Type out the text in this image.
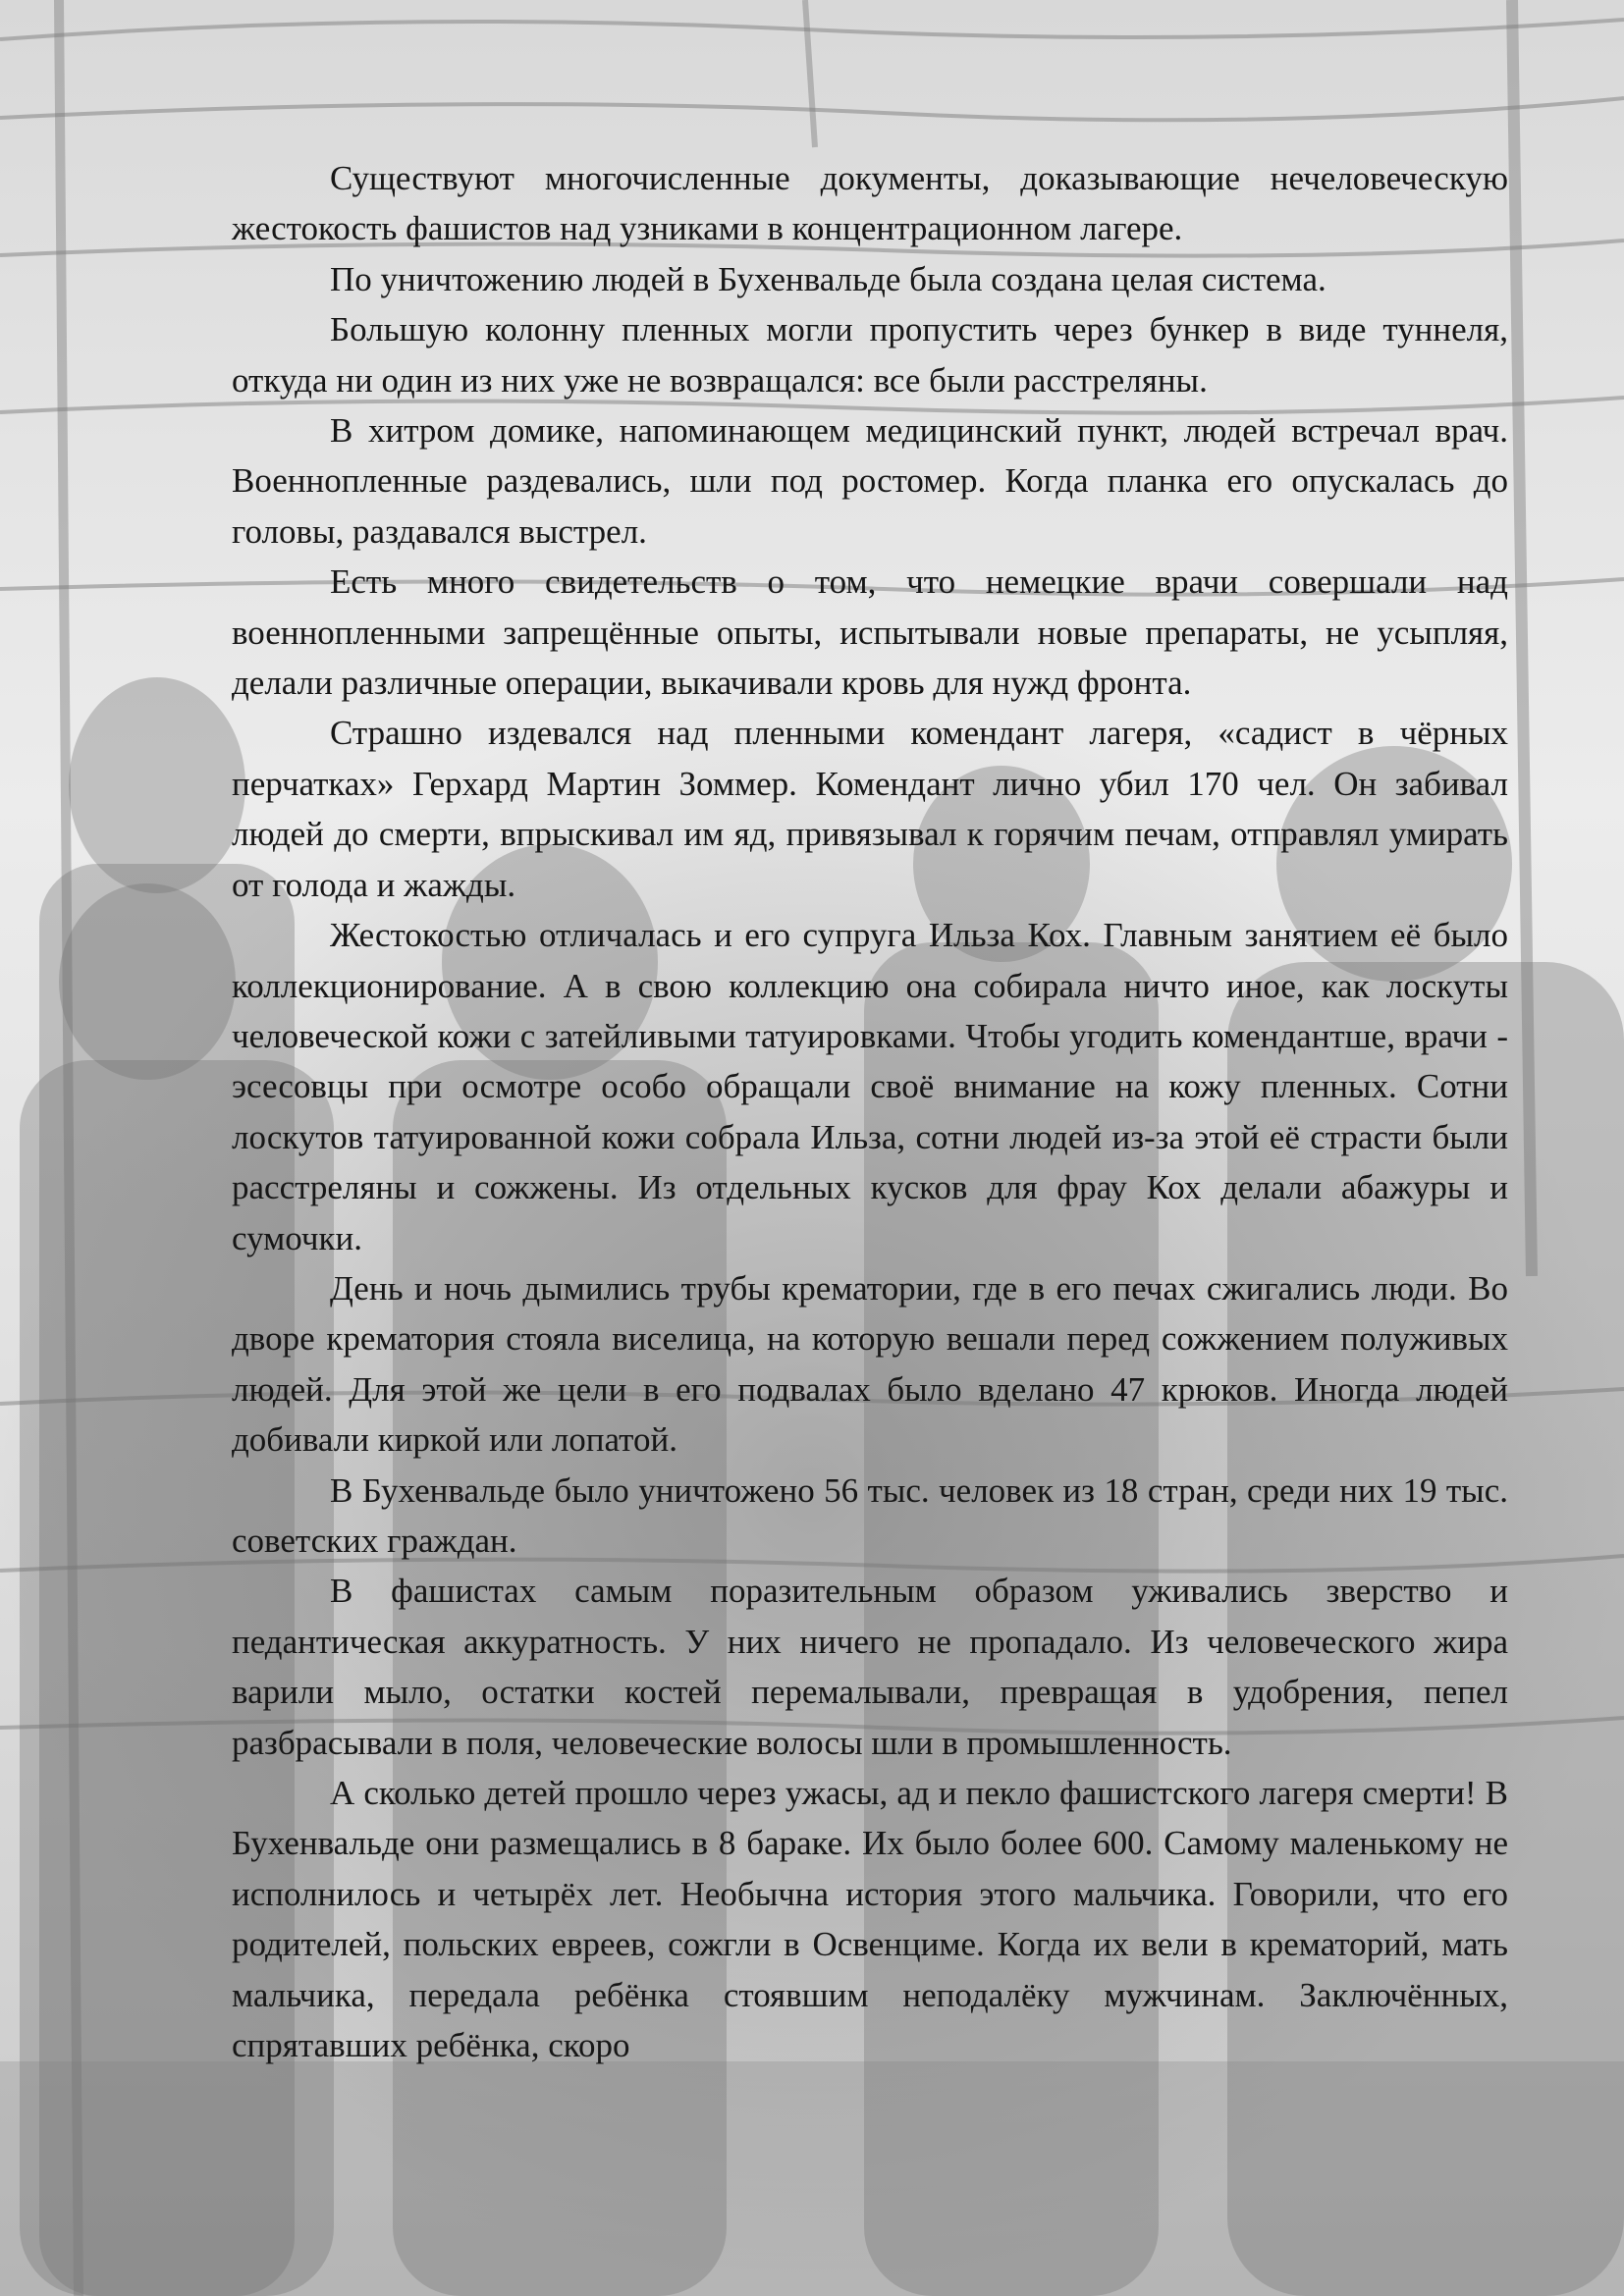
Существуют многочисленные документы, доказывающие нечеловеческую жестокость фашистов над узниками в концентрационном лагере.

По уничтожению людей в Бухенвальде была создана целая система.

Большую колонну пленных могли пропустить через бункер в виде туннеля, откуда ни один из них уже не возвращался: все были расстреляны.

В хитром домике, напоминающем медицинский пункт, людей встречал врач. Военнопленные раздевались, шли под ростомер. Когда планка его опускалась до головы, раздавался выстрел.

Есть много свидетельств о том, что немецкие врачи совершали над военнопленными запрещённые опыты, испытывали новые препараты, не усыпляя, делали различные операции, выкачивали кровь для нужд фронта.

Страшно издевался над пленными комендант лагеря, «садист в чёрных перчатках» Герхард Мартин Зоммер. Комендант лично убил 170 чел. Он забивал людей до смерти, впрыскивал им яд, привязывал к горячим печам, отправлял умирать от голода и жажды.

Жестокостью отличалась и его супруга Ильза Кох. Главным занятием её было коллекционирование. А в свою коллекцию она собирала ничто иное, как лоскуты человеческой кожи с затейливыми татуировками. Чтобы угодить комендантше, врачи - эсесовцы при осмотре особо обращали своё внимание на кожу пленных. Сотни лоскутов татуированной кожи собрала Ильза, сотни людей из-за этой её страсти были расстреляны и сожжены. Из отдельных кусков для фрау Кох делали абажуры и сумочки.

День и ночь дымились трубы крематории, где в его печах сжигались люди. Во дворе крематория стояла виселица, на которую вешали перед сожжением полуживых людей. Для этой же цели в его подвалах было вделано 47 крюков. Иногда людей добивали киркой или лопатой.

В Бухенвальде было уничтожено 56 тыс. человек из 18 стран, среди них 19 тыс. советских граждан.

В фашистах самым поразительным образом уживались зверство и педантическая аккуратность. У них ничего не пропадало. Из человеческого жира варили мыло, остатки костей перемалывали, превращая в удобрения, пепел разбрасывали в поля, человеческие волосы шли в промышленность.

А сколько детей прошло через ужасы, ад и пекло фашистского лагеря смерти! В Бухенвальде они размещались в 8 бараке. Их было более 600. Самому маленькому не исполнилось и четырёх лет. Необычна история этого мальчика. Говорили, что его родителей, польских евреев, сожгли в Освенциме. Когда их вели в крематорий, мать мальчика, передала ребёнка стоявшим неподалёку мужчинам. Заключённых, спрятавших ребёнка, скоро
